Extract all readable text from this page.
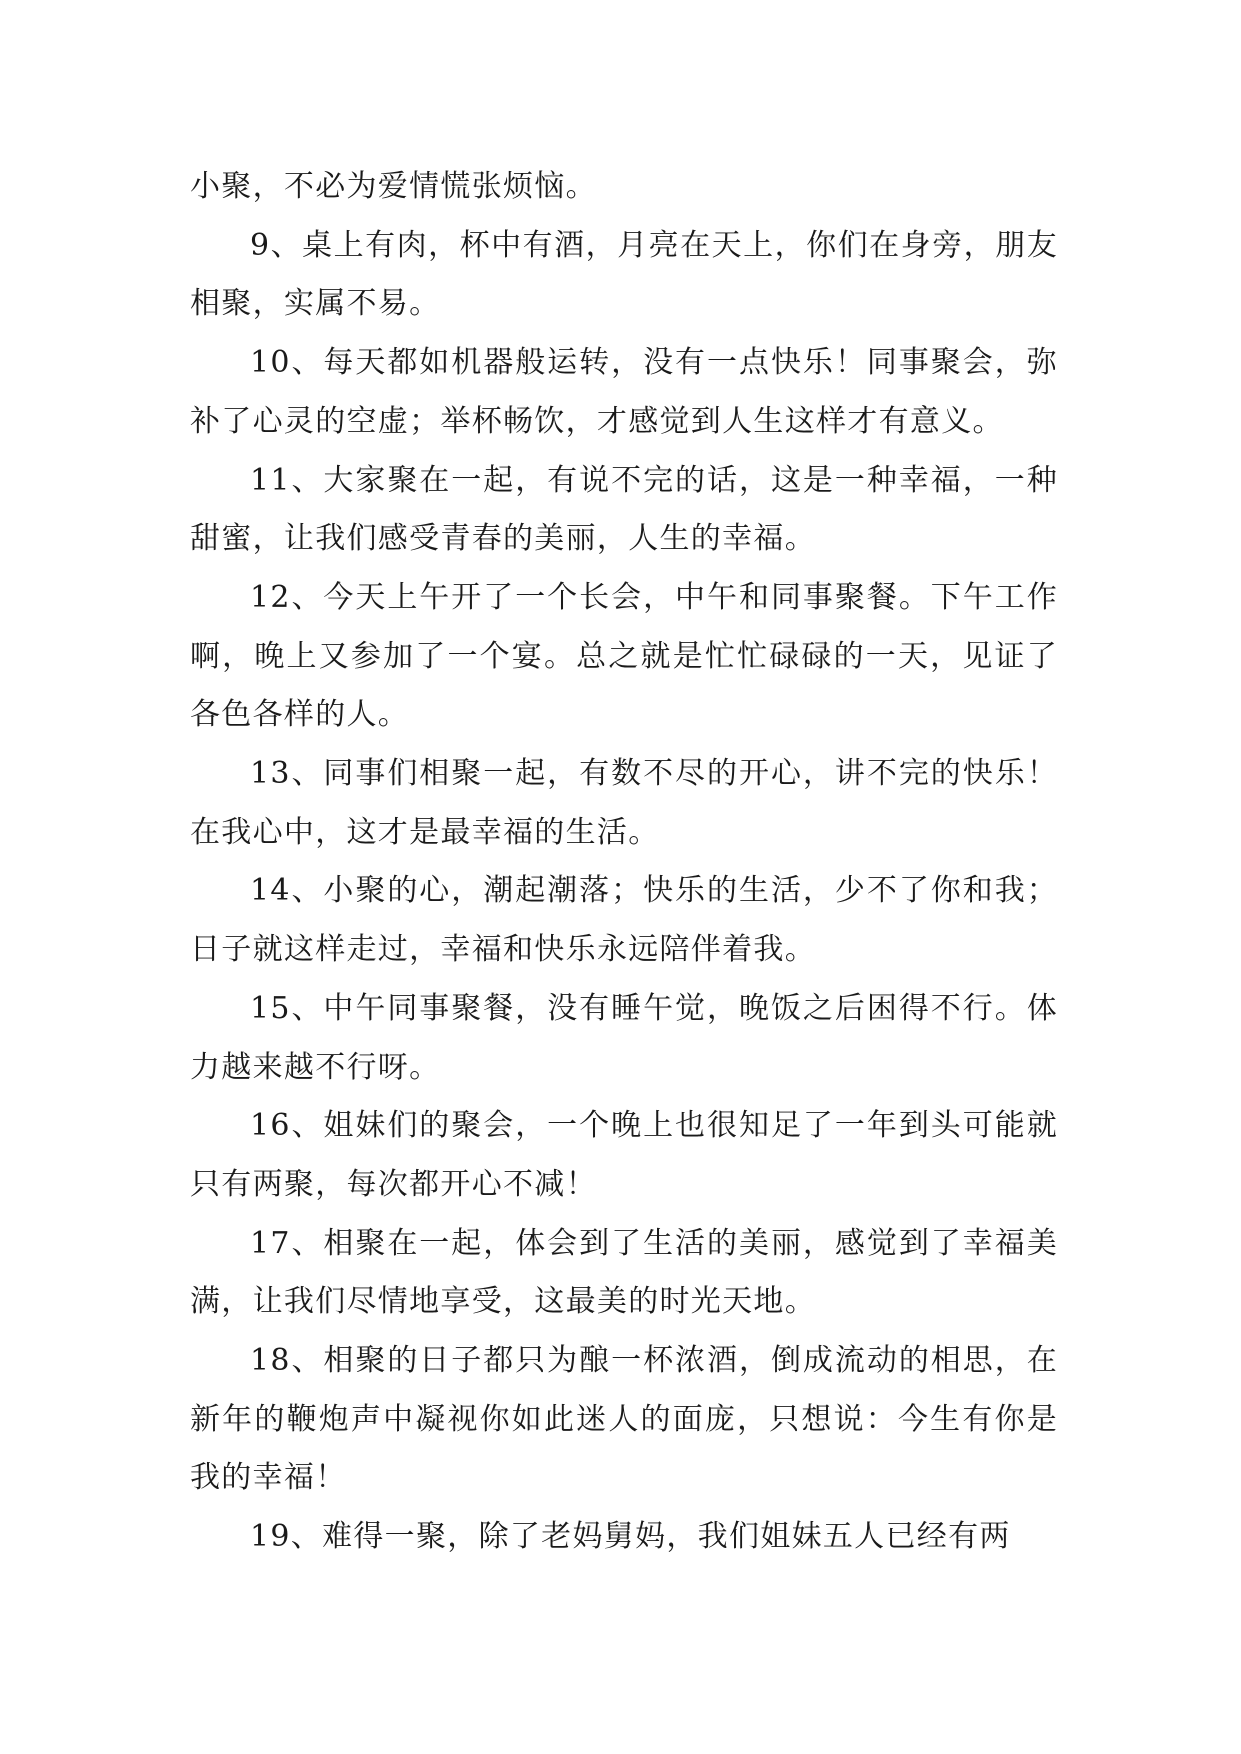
小聚，不必为爱情慌张烦恼。

9、桌上有肉，杯中有酒，月亮在天上，你们在身旁，朋友相聚，实属不易。

10、每天都如机器般运转，没有一点快乐！同事聚会，弥补了心灵的空虚；举杯畅饮，才感觉到人生这样才有意义。

11、大家聚在一起，有说不完的话，这是一种幸福，一种甜蜜，让我们感受青春的美丽，人生的幸福。

12、今天上午开了一个长会，中午和同事聚餐。下午工作啊，晚上又参加了一个宴。总之就是忙忙碌碌的一天，见证了各色各样的人。

13、同事们相聚一起，有数不尽的开心，讲不完的快乐！在我心中，这才是最幸福的生活。

14、小聚的心，潮起潮落；快乐的生活，少不了你和我；日子就这样走过，幸福和快乐永远陪伴着我。

15、中午同事聚餐，没有睡午觉，晚饭之后困得不行。体力越来越不行呀。

16、姐妹们的聚会，一个晚上也很知足了一年到头可能就只有两聚，每次都开心不减！

17、相聚在一起，体会到了生活的美丽，感觉到了幸福美满，让我们尽情地享受，这最美的时光天地。

18、相聚的日子都只为酿一杯浓酒，倒成流动的相思，在新年的鞭炮声中凝视你如此迷人的面庞，只想说：今生有你是我的幸福！

19、难得一聚，除了老妈舅妈，我们姐妹五人已经有两
